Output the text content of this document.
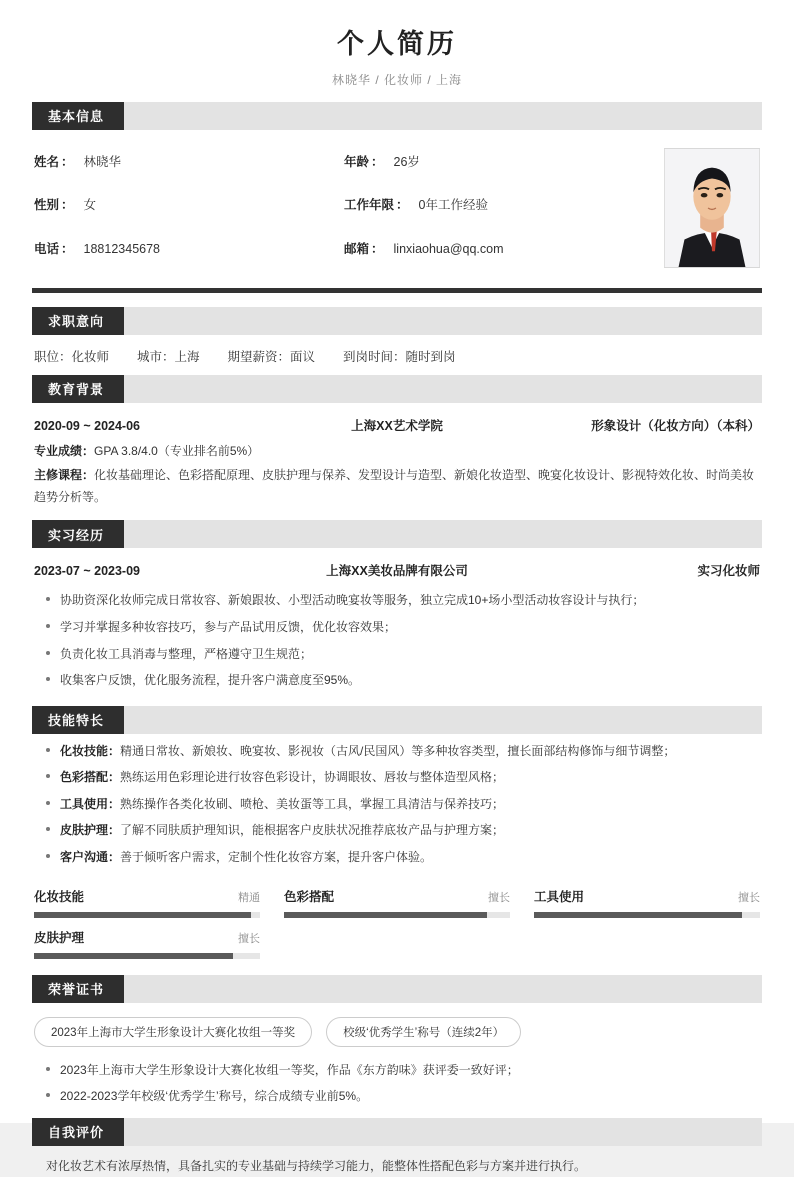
个人简历
林晓华 / 化妆师 / 上海
基本信息
姓名 ： 林晓华	年龄 ： 26岁
性别 ： 女	工作年限 ： 0年工作经验
电话 ： 18812345678	邮箱 ： linxiaohua@qq.com
求职意向
职位：化妆师 城市：上海 期望薪资：面议 到岗时间：随时到岗
教育背景
2020-09 ~ 2024-06	上海XX艺术学院	形象设计（化妆方向）（本科）
专业成绩：GPA 3.8/4.0（专业排名前5%）
主修课程：化妆基础理论、色彩搭配原理、皮肤护理与保养、发型设计与造型、新娘化妆造型、晚宴化妆设计、影视特效化妆、时尚美妆趋势分析等。
实习经历
2023-07 ~ 2023-09	上海XX美妆品牌有限公司	实习化妆师
协助资深化妆师完成日常妆容、新娘跟妆、小型活动晚宴妆等服务，独立完成10+场小型活动妆容设计与执行；
学习并掌握多种妆容技巧，参与产品试用反馈，优化妆容效果；
负责化妆工具消毒与整理，严格遵守卫生规范；
收集客户反馈，优化服务流程，提升客户满意度至95%。
技能特长
化妆技能：精通日常妆、新娘妆、晚宴妆、影视妆（古风/民国风）等多种妆容类型，擅长面部结构修饰与细节调整；
色彩搭配：熟练运用色彩理论进行妆容色彩设计，协调眼妆、唇妆与整体造型风格；
工具使用：熟练操作各类化妆刷、喷枪、美妆蛋等工具，掌握工具清洁与保养技巧；
皮肤护理：了解不同肤质护理知识，能根据客户皮肤状况推荐底妆产品与护理方案；
客户沟通：善于倾听客户需求，定制个性化妆容方案，提升客户体验。
化妆技能	精通 色彩搭配	擅长 工具使用	擅长
皮肤护理	擅长
荣誉证书
2023年上海市大学生形象设计大赛化妆组一等奖	校级‘优秀学生’称号（连续2年）
2023年上海市大学生形象设计大赛化妆组一等奖，作品《东方韵味》获评委一致好评；
2022-2023学年校级‘优秀学生’称号，综合成绩专业前5%。
自我评价
对化妆艺术有浓厚热情，具备扎实的专业基础与持续学习能力，能整体性搭配色彩与方案并进行执行。
